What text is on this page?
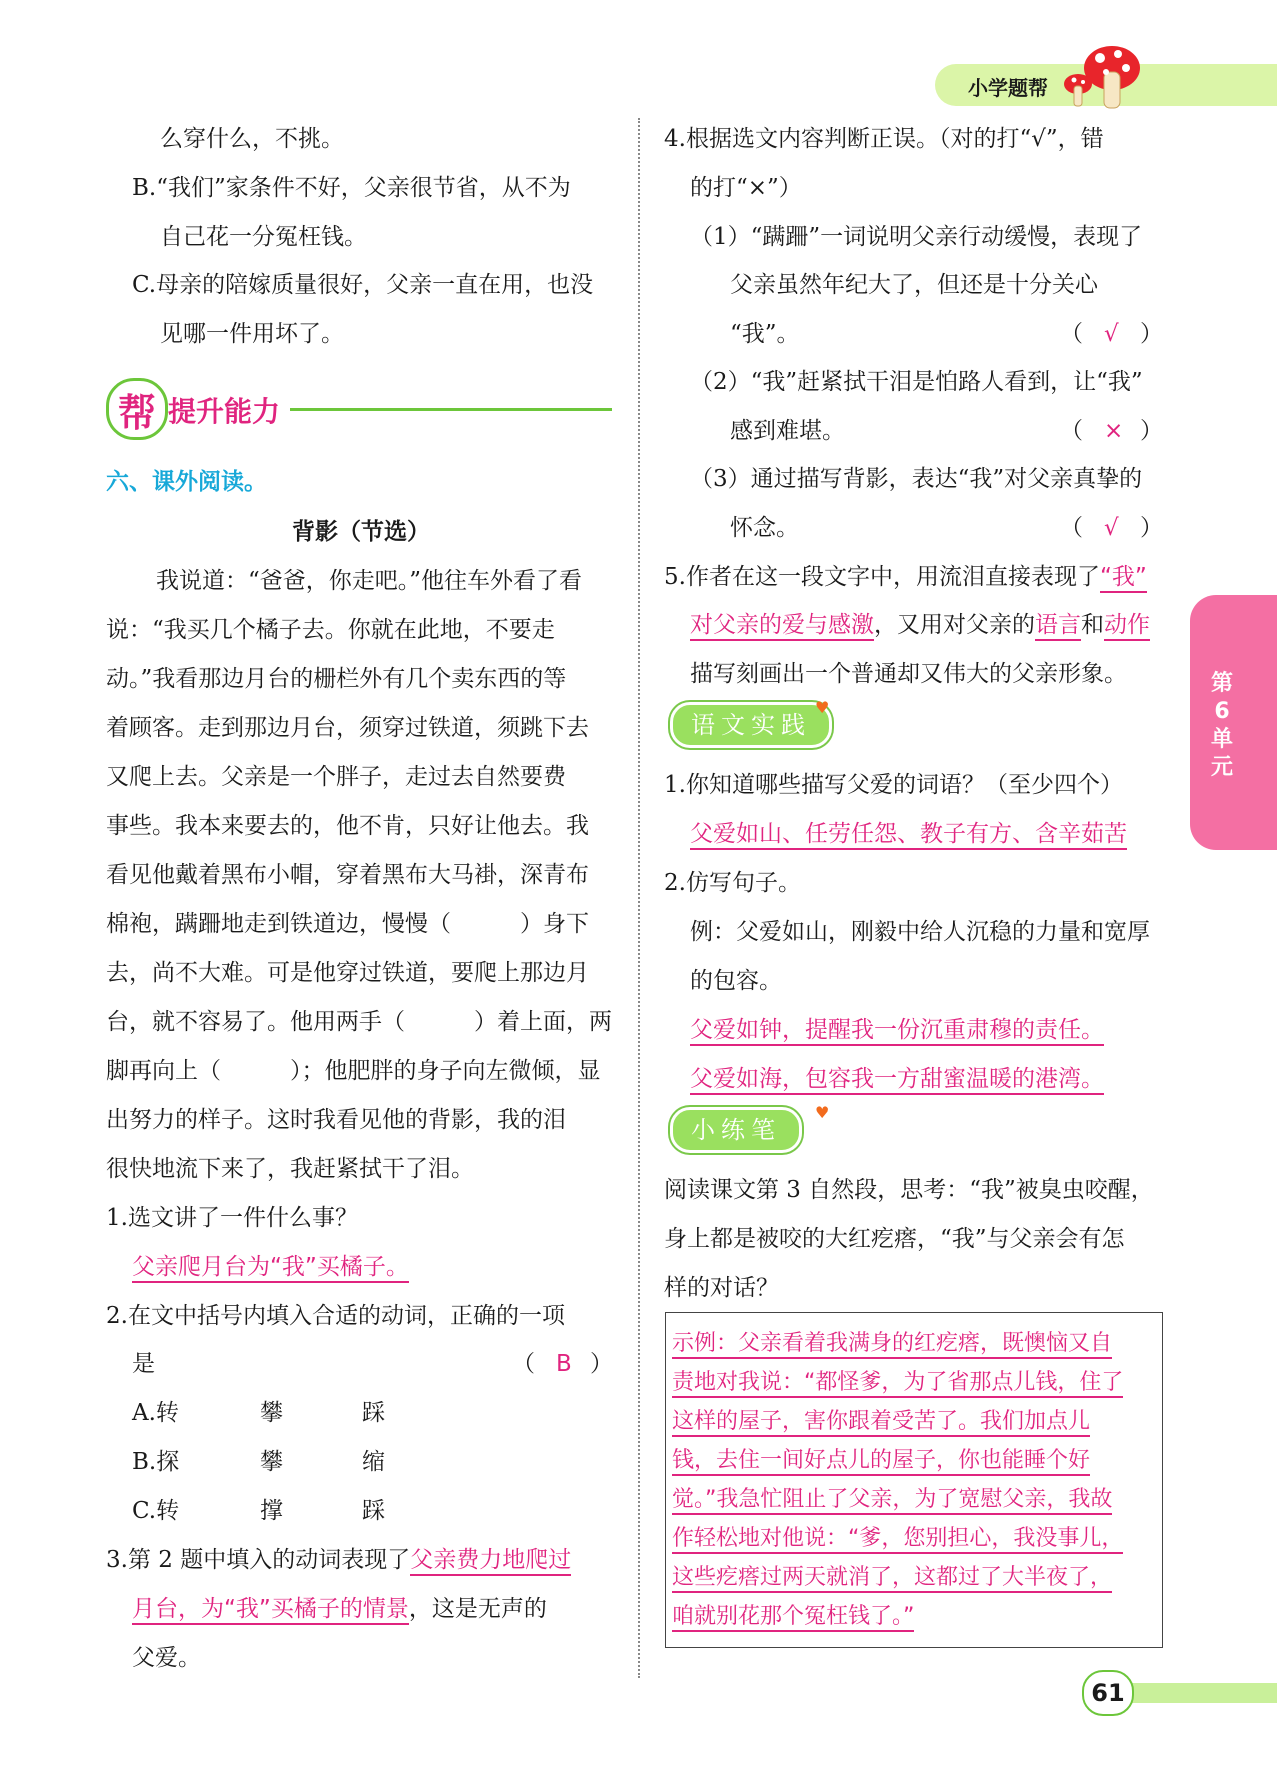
小学题帮
第6单元
么穿什么，不挑。
B.“我们”家条件不好，父亲很节省，从不为
自己花一分冤枉钱。
C.母亲的陪嫁质量很好，父亲一直在用，也没
见哪一件用坏了。
帮 提升能力
六、课外阅读。
背影（节选）
我说道：“爸爸，你走吧。”他往车外看了看
说：“我买几个橘子去。你就在此地，不要走
动。”我看那边月台的栅栏外有几个卖东西的等
着顾客。走到那边月台，须穿过铁道，须跳下去
又爬上去。父亲是一个胖子，走过去自然要费
事些。我本来要去的，他不肯，只好让他去。我
看见他戴着黑布小帽，穿着黑布大马褂，深青布
棉袍，蹒跚地走到铁道边，慢慢（　　　）身下
去，尚不大难。可是他穿过铁道，要爬上那边月
台，就不容易了。他用两手（　　　）着上面，两
脚再向上（　　　）；他肥胖的身子向左微倾，显
出努力的样子。这时我看见他的背影，我的泪
很快地流下来了，我赶紧拭干了泪。
1.选文讲了一件什么事？
父亲爬月台为“我”买橘子。
2.在文中括号内填入合适的动词，正确的一项
是	（ B ）
A.转	攀	踩
B.探	攀	缩
C.转	撑	踩
3.第 2 题中填入的动词表现了父亲费力地爬过
月台，为“我”买橘子的情景，这是无声的
父爱。
4.根据选文内容判断正误。（对的打“√”，错
的打“×”）
（1）“蹒跚”一词说明父亲行动缓慢，表现了
父亲虽然年纪大了，但还是十分关心
“我”。	（ √ ）
（2）“我”赶紧拭干泪是怕路人看到，让“我”
感到难堪。	（ × ）
（3）通过描写背影，表达“我”对父亲真挚的
怀念。	（ √ ）
5.作者在这一段文字中，用流泪直接表现了“我”
对父亲的爱与感激，又用对父亲的语言和动作
描写刻画出一个普通却又伟大的父亲形象。
语文实践
♥
1.你知道哪些描写父爱的词语？（至少四个）
父爱如山、任劳任怨、教子有方、含辛茹苦
2.仿写句子。
例：父爱如山，刚毅中给人沉稳的力量和宽厚
的包容。
父爱如钟，提醒我一份沉重肃穆的责任。
父爱如海，包容我一方甜蜜温暖的港湾。
小练笔
♥
阅读课文第 3 自然段，思考：“我”被臭虫咬醒，
身上都是被咬的大红疙瘩，“我”与父亲会有怎
样的对话？
示例：父亲看着我满身的红疙瘩，既懊恼又自
责地对我说：“都怪爹，为了省那点儿钱，住了
这样的屋子，害你跟着受苦了。我们加点儿
钱，去住一间好点儿的屋子，你也能睡个好
觉。”我急忙阻止了父亲，为了宽慰父亲，我故
作轻松地对他说：“爹，您别担心，我没事儿，
这些疙瘩过两天就消了，这都过了大半夜了，
咱就别花那个冤枉钱了。”
61
